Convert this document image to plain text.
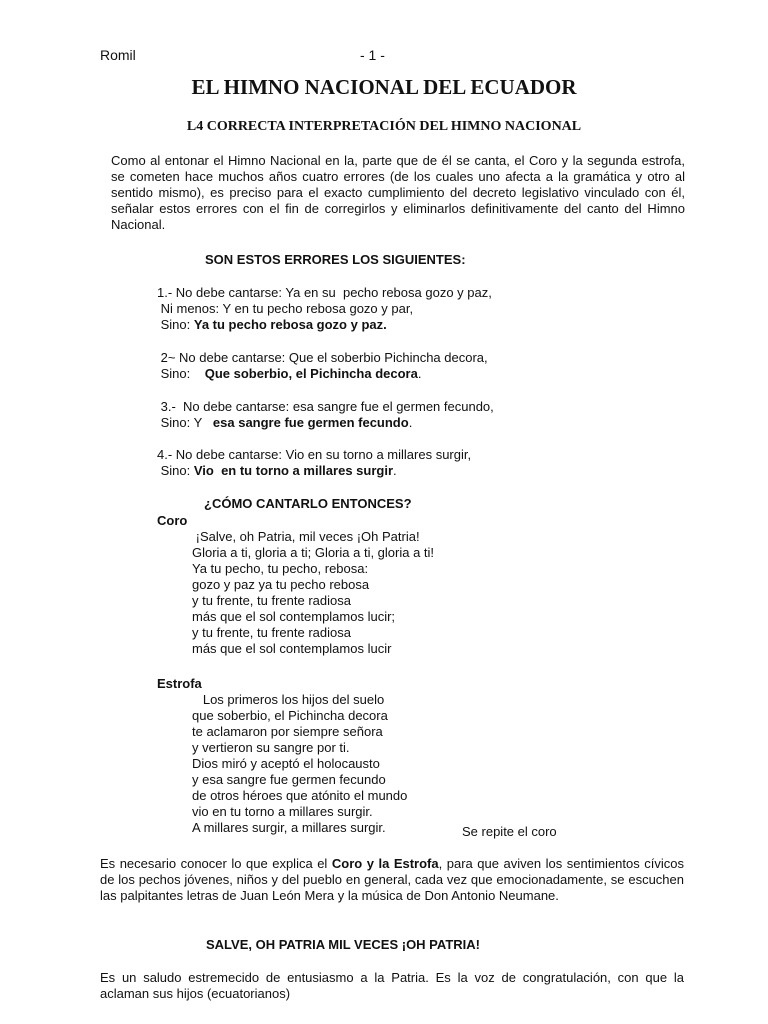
Romil	- 1 -
EL HIMNO NACIONAL DEL ECUADOR
L4 CORRECTA INTERPRETACIÓN DEL HIMNO NACIONAL
Como al entonar el Himno Nacional en la, parte que de él se canta, el Coro y la segunda estrofa, se cometen hace muchos años cuatro errores (de los cuales uno afecta a la gramática y otro al sentido mismo), es preciso para el exacto cumplimiento del decreto legislativo vinculado con él, señalar estos errores con el fin de corregirlos y eliminarlos definitivamente del canto del Himno Nacional.
SON ESTOS ERRORES LOS SIGUIENTES:
1.- No debe cantarse: Ya en su  pecho rebosa gozo y paz,
Ni menos: Y en tu pecho rebosa gozo y par,
Sino: Ya tu pecho rebosa gozo y paz.
2~ No debe cantarse: Que el soberbio Pichincha decora,
Sino:    Que soberbio, el Pichincha decora.
3.-  No debe cantarse: esa sangre fue el germen fecundo,
Sino: Y   esa sangre fue germen fecundo.
4.- No debe cantarse: Vio en su torno a millares surgir,
Sino: Vio  en tu torno a millares surgir.
¿CÓMO CANTARLO ENTONCES?
Coro
¡Salve, oh Patria, mil veces ¡Oh Patria!
Gloria a ti, gloria a ti; Gloria a ti, gloria a ti!
Ya tu pecho, tu pecho, rebosa:
gozo y paz ya tu pecho rebosa
y tu frente, tu frente radiosa
más que el sol contemplamos lucir;
y tu frente, tu frente radiosa
más que el sol contemplamos lucir
Estrofa
Los primeros los hijos del suelo
que soberbio, el Pichincha decora
te aclamaron por siempre señora
y vertieron su sangre por ti.
Dios miró y aceptó el holocausto
y esa sangre fue germen fecundo
de otros héroes que atónito el mundo
vio en tu torno a millares surgir.
A millares surgir, a millares surgir.	Se repite el coro
Es necesario conocer lo que explica el Coro y la Estrofa, para que aviven los sentimientos cívicos de los pechos jóvenes, niños y del pueblo en general, cada vez que emocionadamente, se escuchen las palpitantes letras de Juan León Mera y la música de Don Antonio Neumane.
SALVE, OH PATRIA MIL VECES ¡OH PATRIA!
Es un saludo estremecido de entusiasmo a la Patria. Es la voz de congratulación, con que la aclaman sus hijos (ecuatorianos)
